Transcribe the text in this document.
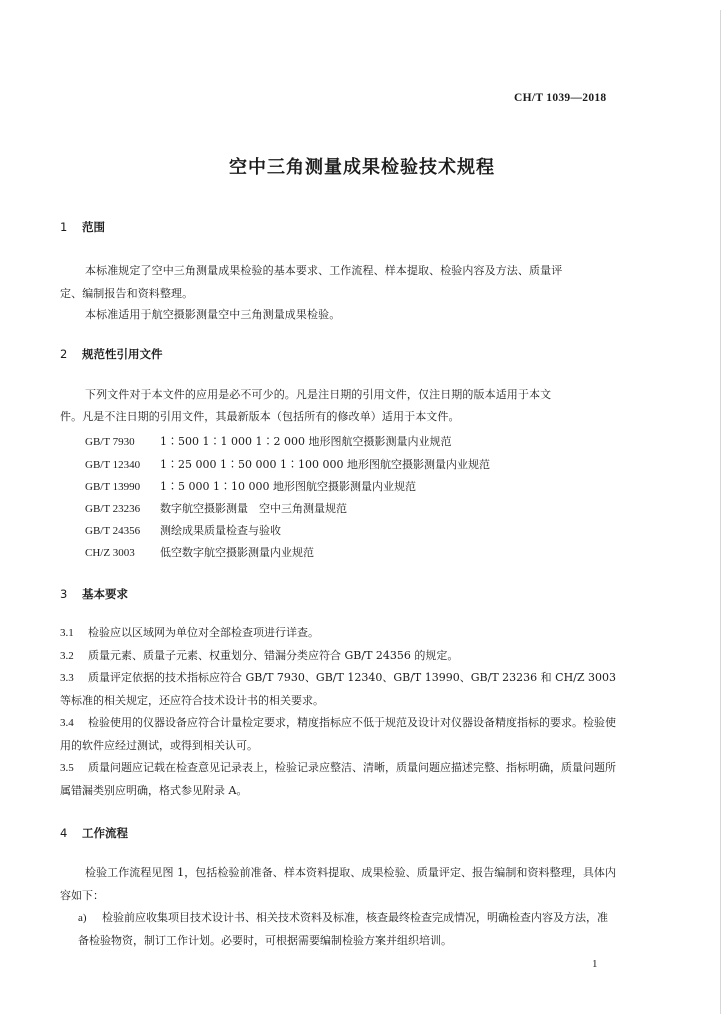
CH/T 1039—2018
空中三角测量成果检验技术规程
1 范围
本标准规定了空中三角测量成果检验的基本要求、工作流程、样本提取、检验内容及方法、质量评
定、编制报告和资料整理。
本标准适用于航空摄影测量空中三角测量成果检验。
2 规范性引用文件
下列文件对于本文件的应用是必不可少的。凡是注日期的引用文件，仅注日期的版本适用于本文
件。凡是不注日期的引用文件，其最新版本（包括所有的修改单）适用于本文件。
GB/T 7930 1∶500 1∶1 000 1∶2 000 地形图航空摄影测量内业规范
GB/T 12340 1∶25 000 1∶50 000 1∶100 000 地形图航空摄影测量内业规范
GB/T 13990 1∶5 000 1∶10 000 地形图航空摄影测量内业规范
GB/T 23236 数字航空摄影测量　空中三角测量规范
GB/T 24356 测绘成果质量检查与验收
CH/Z 3003 低空数字航空摄影测量内业规范
3 基本要求
3.1 检验应以区域网为单位对全部检查项进行详查。
3.2 质量元素、质量子元素、权重划分、错漏分类应符合 GB/T 24356 的规定。
3.3 质量评定依据的技术指标应符合 GB/T 7930、GB/T 12340、GB/T 13990、GB/T 23236 和 CH/Z 3003等标准的相关规定，还应符合技术设计书的相关要求。
3.4 检验使用的仪器设备应符合计量检定要求，精度指标应不低于规范及设计对仪器设备精度指标的要求。检验使用的软件应经过测试，或得到相关认可。
3.5 质量问题应记载在检查意见记录表上，检验记录应整洁、清晰，质量问题应描述完整、指标明确，质量问题所属错漏类别应明确，格式参见附录 A。
4 工作流程
检验工作流程见图 1，包括检验前准备、样本资料提取、成果检验、质量评定、报告编制和资料整理，具体内容如下：
a) 检验前应收集项目技术设计书、相关技术资料及标准，核查最终检查完成情况，明确检查内容及方法，准备检验物资，制订工作计划。必要时，可根据需要编制检验方案并组织培训。
1
